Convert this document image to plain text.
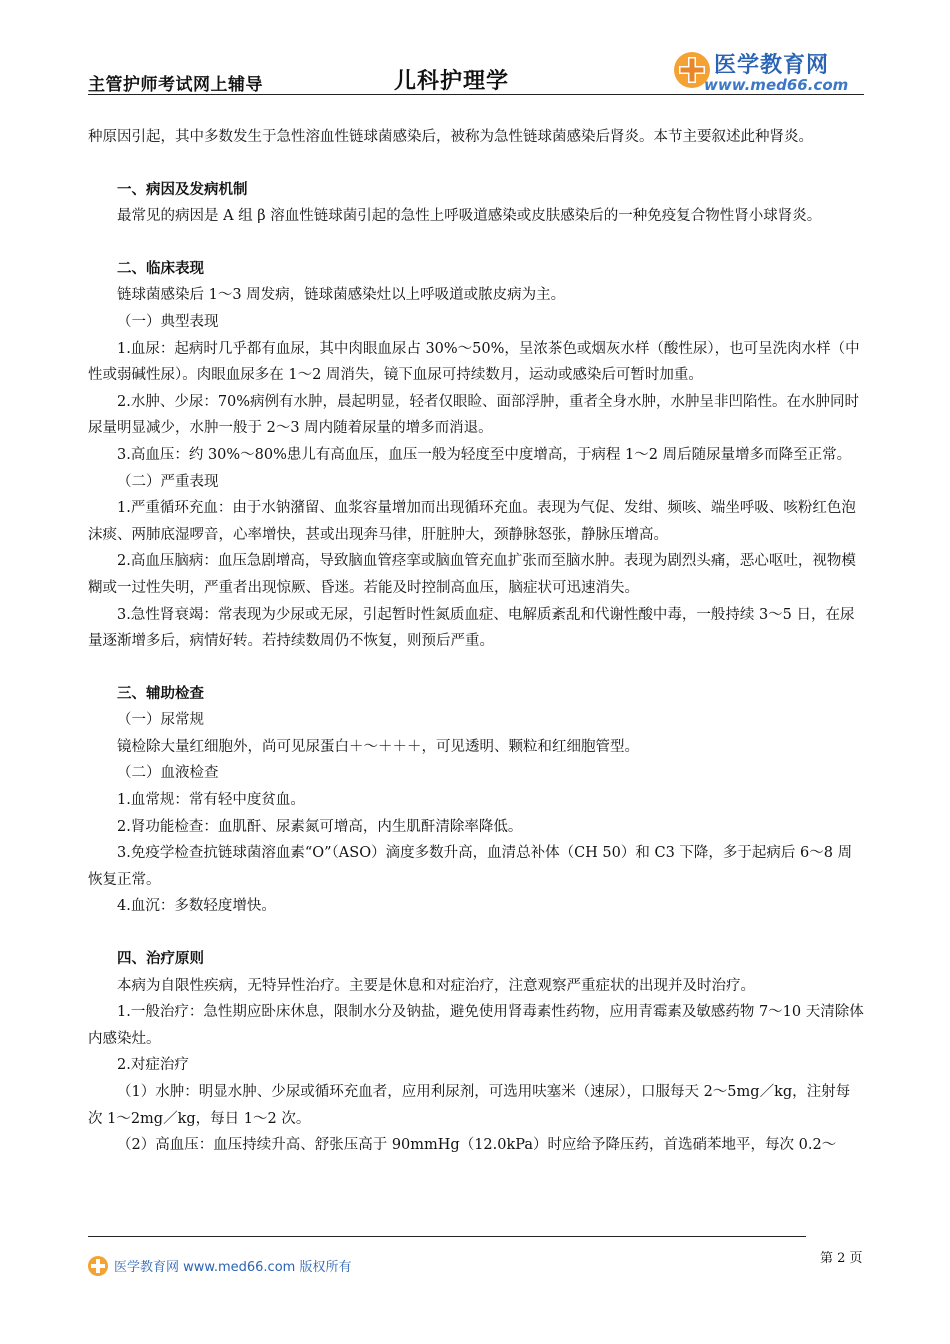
主管护师考试网上辅导	儿科护理学
医学教育网
www.med66.com

种原因引起，其中多数发生于急性溶血性链球菌感染后，被称为急性链球菌感染后肾炎。本节主要叙述此种肾炎。

一、病因及发病机制

最常见的病因是 A 组 β 溶血性链球菌引起的急性上呼吸道感染或皮肤感染后的一种免疫复合物性肾小球肾炎。

二、临床表现

链球菌感染后 1～3 周发病，链球菌感染灶以上呼吸道或脓皮病为主。

（一）典型表现

1.血尿：起病时几乎都有血尿，其中肉眼血尿占 30%～50%，呈浓茶色或烟灰水样（酸性尿），也可呈洗肉水样（中性或弱碱性尿）。肉眼血尿多在 1～2 周消失，镜下血尿可持续数月，运动或感染后可暂时加重。

2.水肿、少尿：70%病例有水肿，晨起明显，轻者仅眼睑、面部浮肿，重者全身水肿，水肿呈非凹陷性。在水肿同时尿量明显减少，水肿一般于 2～3 周内随着尿量的增多而消退。

3.高血压：约 30%～80%患儿有高血压，血压一般为轻度至中度增高，于病程 1～2 周后随尿量增多而降至正常。

（二）严重表现

1.严重循环充血：由于水钠潴留、血浆容量增加而出现循环充血。表现为气促、发绀、频咳、端坐呼吸、咳粉红色泡沫痰、两肺底湿啰音，心率增快，甚或出现奔马律，肝脏肿大，颈静脉怒张，静脉压增高。

2.高血压脑病：血压急剧增高，导致脑血管痉挛或脑血管充血扩张而至脑水肿。表现为剧烈头痛，恶心呕吐，视物模糊或一过性失明，严重者出现惊厥、昏迷。若能及时控制高血压，脑症状可迅速消失。

3.急性肾衰竭：常表现为少尿或无尿，引起暂时性氮质血症、电解质紊乱和代谢性酸中毒，一般持续 3～5 日，在尿量逐渐增多后，病情好转。若持续数周仍不恢复，则预后严重。

三、辅助检查

（一）尿常规

镜检除大量红细胞外，尚可见尿蛋白＋～＋＋＋，可见透明、颗粒和红细胞管型。

（二）血液检查

1.血常规：常有轻中度贫血。

2.肾功能检查：血肌酐、尿素氮可增高，内生肌酐清除率降低。

3.免疫学检查抗链球菌溶血素“O”（ASO）滴度多数升高，血清总补体（CH 50）和 C3 下降，多于起病后 6～8 周恢复正常。

4.血沉：多数轻度增快。

四、治疗原则

本病为自限性疾病，无特异性治疗。主要是休息和对症治疗，注意观察严重症状的出现并及时治疗。

1.一般治疗：急性期应卧床休息，限制水分及钠盐，避免使用肾毒素性药物，应用青霉素及敏感药物 7～10 天清除体内感染灶。

2.对症治疗

（1）水肿：明显水肿、少尿或循环充血者，应用利尿剂，可选用呋塞米（速尿），口服每天 2～5mg／kg，注射每次 1～2mg／kg，每日 1～2 次。

（2）高血压：血压持续升高、舒张压高于 90mmHg（12.0kPa）时应给予降压药，首选硝苯地平，每次 0.2～

医学教育网 www.med66.com 版权所有
第 2 页
